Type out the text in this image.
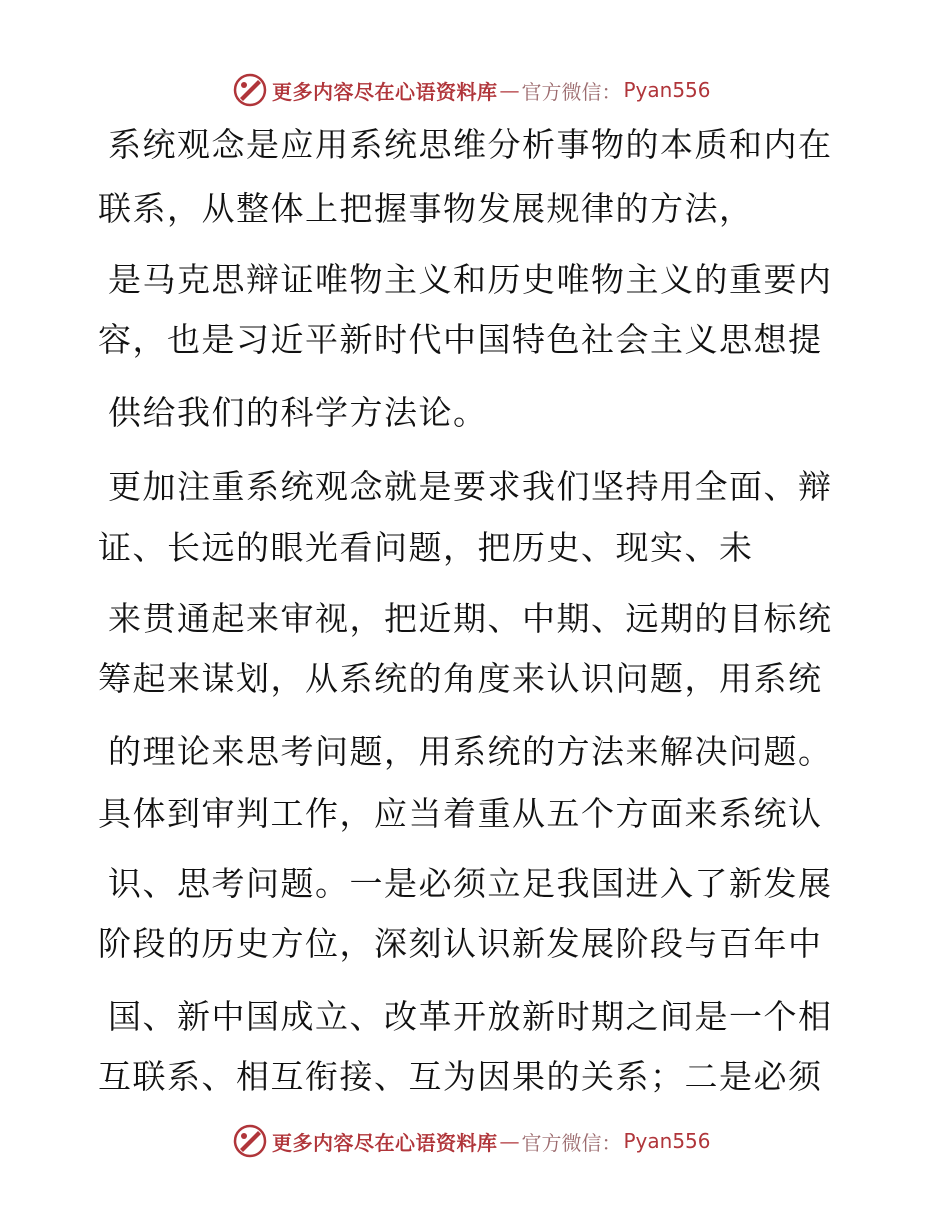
更多内容尽在心语资料库 — 官方微信： Pyan556
系统观念是应用系统思维分析事物的本质和内在
联系，从整体上把握事物发展规律的方法，
是马克思辩证唯物主义和历史唯物主义的重要内
容，也是习近平新时代中国特色社会主义思想提
供给我们的科学方法论。
更加注重系统观念就是要求我们坚持用全面、辩
证、长远的眼光看问题，把历史、现实、未
来贯通起来审视，把近期、中期、远期的目标统
筹起来谋划，从系统的角度来认识问题，用系统
的理论来思考问题，用系统的方法来解决问题。
具体到审判工作，应当着重从五个方面来系统认
识、思考问题。一是必须立足我国进入了新发展
阶段的历史方位，深刻认识新发展阶段与百年中
国、新中国成立、改革开放新时期之间是一个相
互联系、相互衔接、互为因果的关系；二是必须
更多内容尽在心语资料库 — 官方微信： Pyan556
